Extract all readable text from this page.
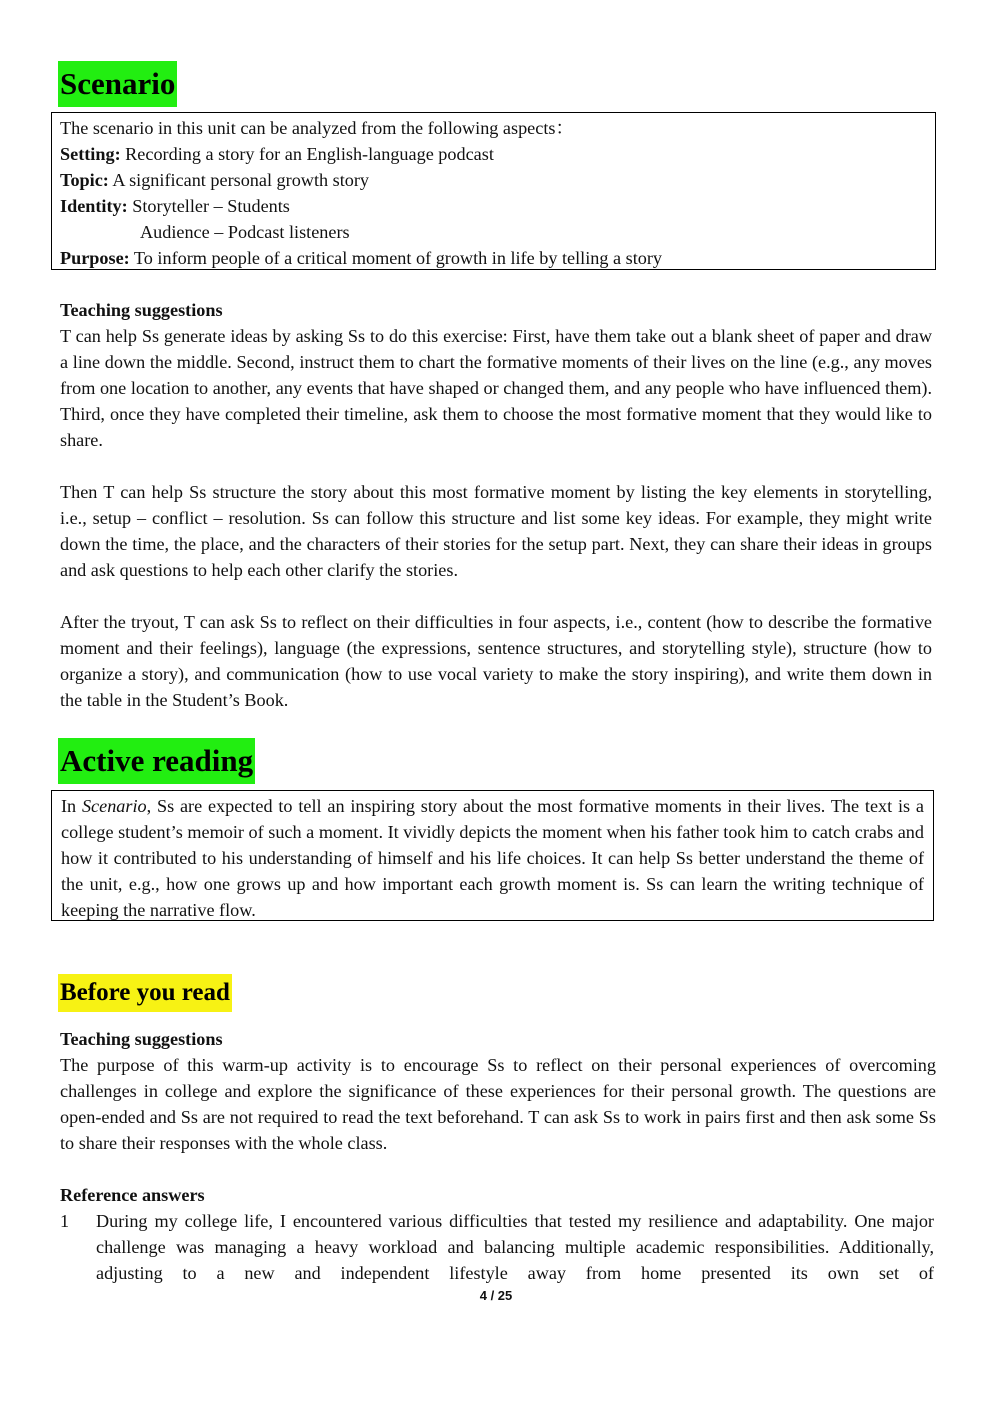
Scenario
The scenario in this unit can be analyzed from the following aspects：
Setting: Recording a story for an English-language podcast
Topic: A significant personal growth story
Identity: Storyteller – Students
Audience – Podcast listeners
Purpose: To inform people of a critical moment of growth in life by telling a story
Teaching suggestions

T can help Ss generate ideas by asking Ss to do this exercise: First, have them take out a blank sheet of paper and draw a line down the middle. Second, instruct them to chart the formative moments of their lives on the line (e.g., any moves from one location to another, any events that have shaped or changed them, and any people who have influenced them). Third, once they have completed their timeline, ask them to choose the most formative moment that they would like to share.

Then T can help Ss structure the story about this most formative moment by listing the key elements in storytelling, i.e., setup – conflict – resolution. Ss can follow this structure and list some key ideas. For example, they might write down the time, the place, and the characters of their stories for the setup part. Next, they can share their ideas in groups and ask questions to help each other clarify the stories.

After the tryout, T can ask Ss to reflect on their difficulties in four aspects, i.e., content (how to describe the formative moment and their feelings), language (the expressions, sentence structures, and storytelling style), structure (how to organize a story), and communication (how to use vocal variety to make the story inspiring), and write them down in the table in the Student’s Book.

Active reading
In Scenario, Ss are expected to tell an inspiring story about the most formative moments in their lives. The text is a college student’s memoir of such a moment. It vividly depicts the moment when his father took him to catch crabs and how it contributed to his understanding of himself and his life choices. It can help Ss better understand the theme of the unit, e.g., how one grows up and how important each growth moment is. Ss can learn the writing technique of keeping the narrative flow.
Before you read
Teaching suggestions

The purpose of this warm-up activity is to encourage Ss to reflect on their personal experiences of overcoming challenges in college and explore the significance of these experiences for their personal growth. The questions are open-ended and Ss are not required to read the text beforehand. T can ask Ss to work in pairs first and then ask some Ss to share their responses with the whole class.

Reference answers
1 During my college life, I encountered various difficulties that tested my resilience and adaptability. One major challenge was managing a heavy workload and balancing multiple academic responsibilities. Additionally, adjusting to a new and independent lifestyle away from home presented its own set of
4 / 25
